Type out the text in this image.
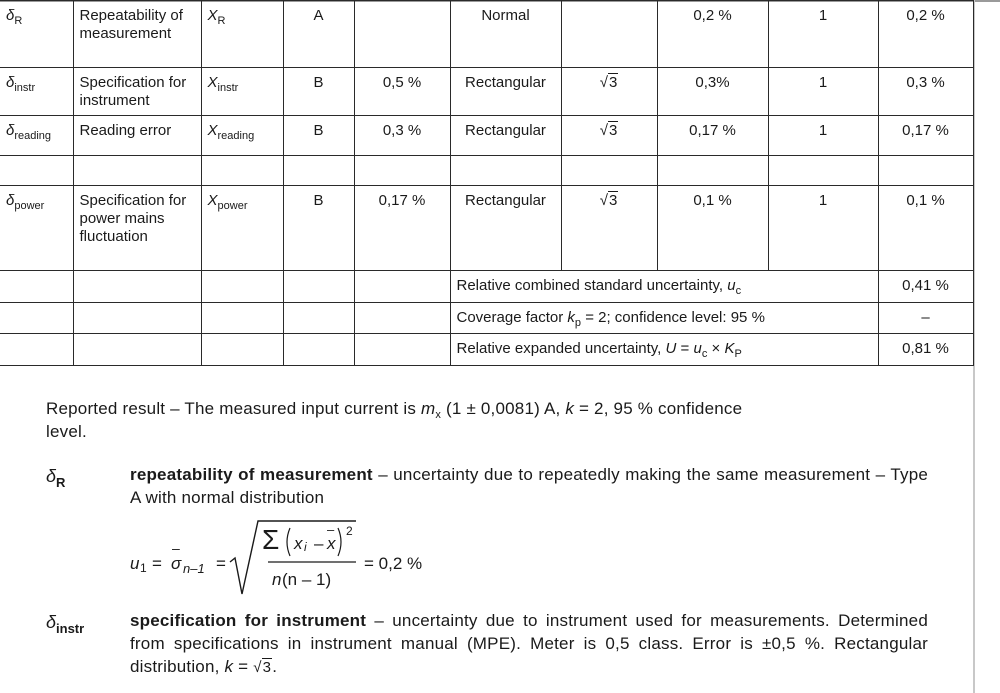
$\delta_R$	Repeatability of measurement	$X_R$	A		Normal		0,2 %	1	0,2 %
$\delta_{instr}$	Specification for instrument	$X_{instr}$	B	0,5 %	Rectangular	√3	0,3%	1	0,3 %
$\delta_{reading}$	Reading error	$X_{reading}$	B	0,3 %	Rectangular	√3	0,17 %	1	0,17 %

$\delta_{power}$	Specification for power mains fluctuation	$X_{power}$	B	0,17 %	Rectangular	√3	0,1 %	1	0,1 %
					Relative combined standard uncertainty, $u_c$				0,41 %
					Coverage factor $k_p = 2$; confidence level: 95 %				–
					Relative expanded uncertainty, $U = u_c \times K_P$				0,81 %
Reported result – The measured input current is $m_x$ (1 ± 0,0081) A, k = 2, 95 % confidence
level.
$\delta_R$	repeatability of measurement – uncertainty due to repeatedly making the same measurement – Type A with normal distribution
u 1 =
–
σ n–1 =
Σ x i –
–
x
2
n (n – 1)
= 0,2 %
$\delta_{instr}$	specification for instrument – uncertainty due to instrument used for measurements. Determined from specifications in instrument manual (MPE). Meter is 0,5 class. Error is ±0,5 %. Rectangular distribution, k = √3.
